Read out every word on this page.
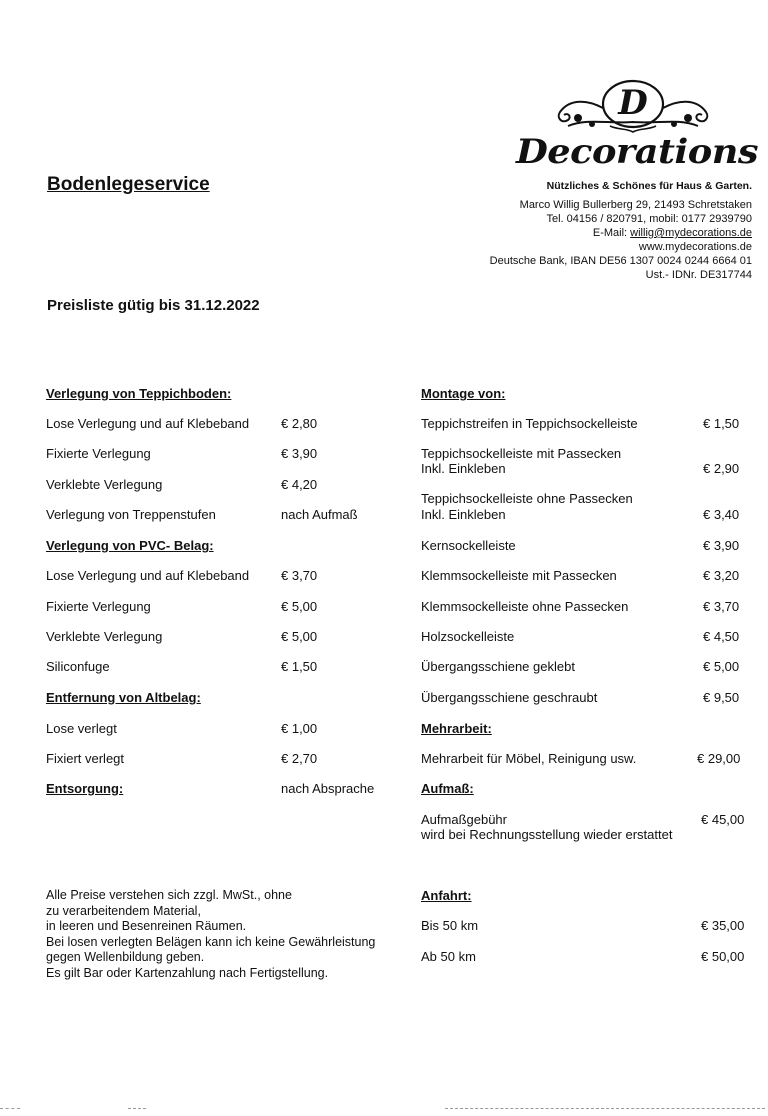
Bodenlegeservice
D
Decorations
Nützliches & Schönes für Haus & Garten.
Marco Willig Bullerberg 29, 21493 Schretstaken
Tel. 04156 / 820791, mobil: 0177 2939790
E-Mail: willig@mydecorations.de
www.mydecorations.de
Deutsche Bank, IBAN DE56 1307 0024 0244 6664 01
Ust.- IDNr. DE317744
Preisliste gütig bis 31.12.2022
Verlegung von Teppichboden:
Lose Verlegung und auf Klebeband € 2,80
Fixierte Verlegung	€ 3,90
Verklebte Verlegung	€ 4,20
Verlegung von Treppenstufen	nach Aufmaß
Verlegung von PVC- Belag:
Lose Verlegung und auf Klebeband € 3,70
Fixierte Verlegung	€ 5,00
Verklebte Verlegung	€ 5,00
Siliconfuge	€ 1,50
Entfernung von Altbelag:
Lose verlegt	€ 1,00
Fixiert verlegt	€ 2,70
Entsorgung:	nach Absprache
Montage von:
Teppichstreifen in Teppichsockelleiste	€ 1,50
Teppichsockelleiste mit Passecken
Inkl. Einkleben	€ 2,90
Teppichsockelleiste ohne Passecken
Inkl. Einkleben	€ 3,40
Kernsockelleiste	€ 3,90
Klemmsockelleiste mit Passecken	€ 3,20
Klemmsockelleiste ohne Passecken	€ 3,70
Holzsockelleiste	€ 4,50
Übergangsschiene geklebt	€ 5,00
Übergangsschiene geschraubt	€ 9,50
Mehrarbeit:
Mehrarbeit für Möbel, Reinigung usw.	€ 29,00
Aufmaß:
Aufmaßgebühr
wird bei Rechnungsstellung wieder erstattet
€ 45,00
Anfahrt:
Bis 50 km	€ 35,00
Ab 50 km	€ 50,00
Alle Preise verstehen sich zzgl. MwSt., ohne
zu verarbeitendem Material,
in leeren und Besenreinen Räumen.
Bei losen verlegten Belägen kann ich keine Gewährleistung
gegen Wellenbildung geben.
Es gilt Bar oder Kartenzahlung nach Fertigstellung.
